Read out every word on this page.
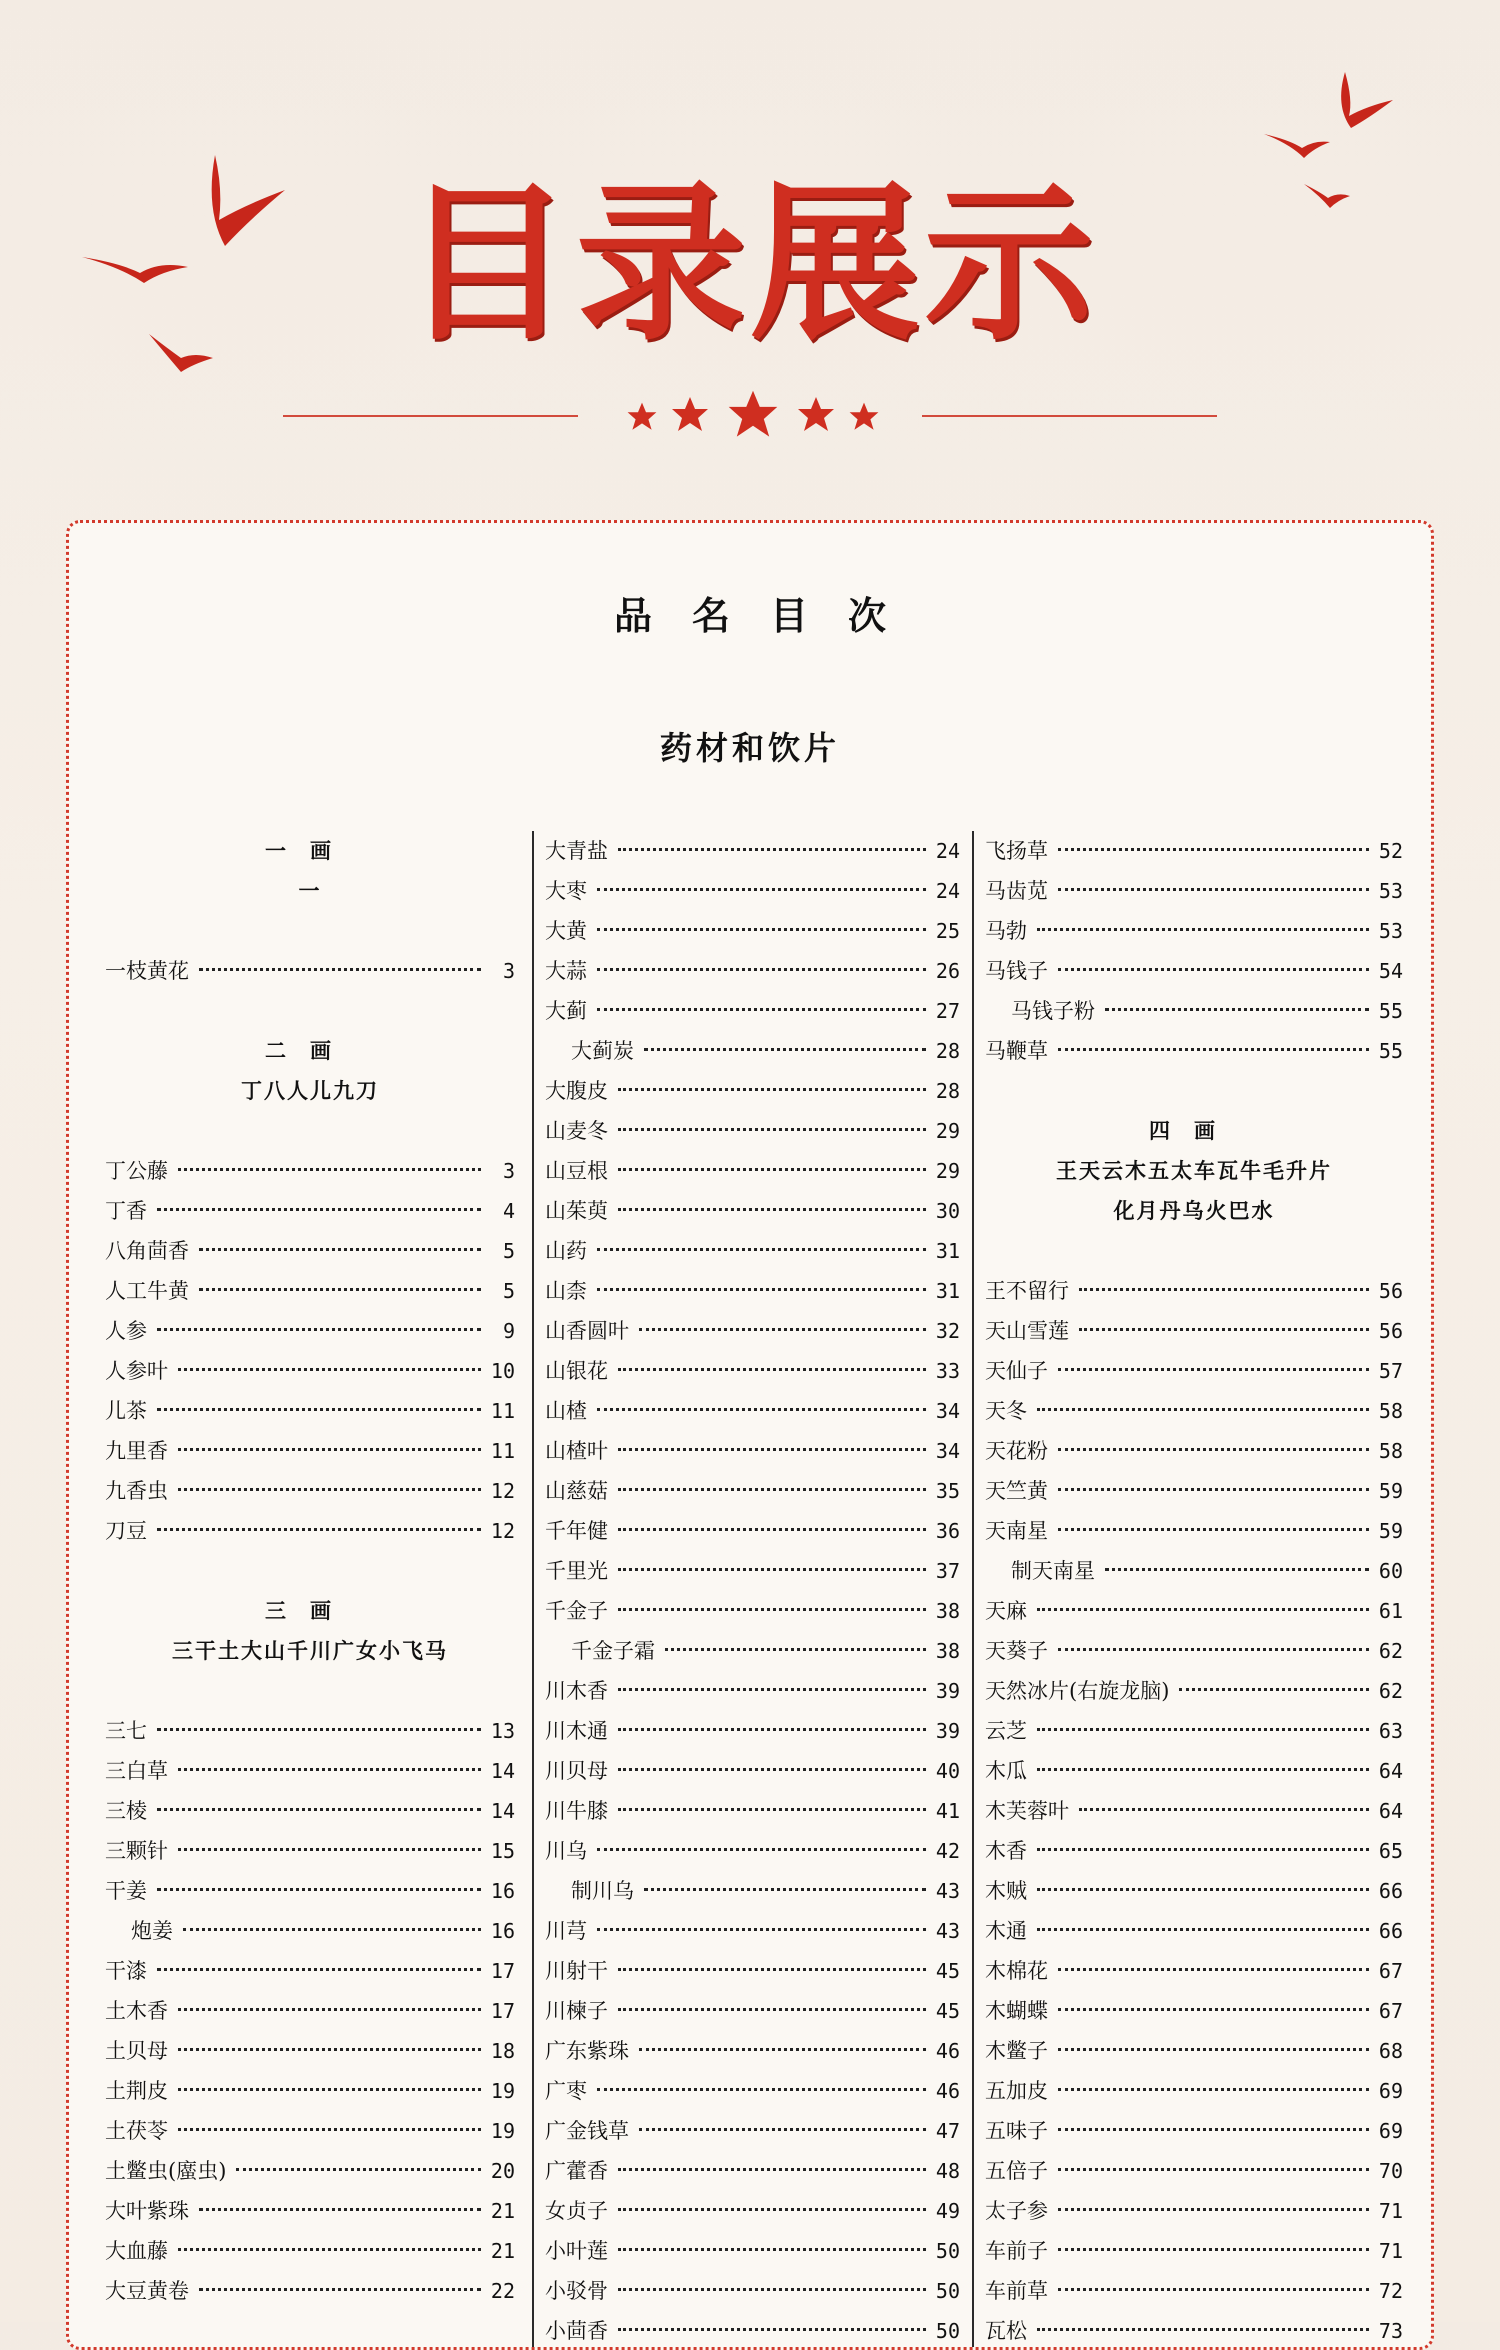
目录展示
品名目次
药材和饮片
一画
一
一枝黄花	3
二画
丁八人儿九刀
丁公藤	3
丁香	4
八角茴香	5
人工牛黄	5
人参	9
人参叶	10
儿茶	11
九里香	11
九香虫	12
刀豆	12
三画
三干土大山千川广女小飞马
三七	13
三白草	14
三棱	14
三颗针	15
干姜	16
炮姜	16
干漆	17
土木香	17
土贝母	18
土荆皮	19
土茯苓	19
土鳖虫(䗪虫)	20
大叶紫珠	21
大血藤	21
大豆黄卷	22
大青盐	24
大枣	24
大黄	25
大蒜	26
大蓟	27
大蓟炭	28
大腹皮	28
山麦冬	29
山豆根	29
山茱萸	30
山药	31
山柰	31
山香圆叶	32
山银花	33
山楂	34
山楂叶	34
山慈菇	35
千年健	36
千里光	37
千金子	38
千金子霜	38
川木香	39
川木通	39
川贝母	40
川牛膝	41
川乌	42
制川乌	43
川芎	43
川射干	45
川楝子	45
广东紫珠	46
广枣	46
广金钱草	47
广藿香	48
女贞子	49
小叶莲	50
小驳骨	50
小茴香	50
飞扬草	52
马齿苋	53
马勃	53
马钱子	54
马钱子粉	55
马鞭草	55
四画
王天云木五太车瓦牛毛升片
化月丹乌火巴水
王不留行	56
天山雪莲	56
天仙子	57
天冬	58
天花粉	58
天竺黄	59
天南星	59
制天南星	60
天麻	61
天葵子	62
天然冰片(右旋龙脑)	62
云芝	63
木瓜	64
木芙蓉叶	64
木香	65
木贼	66
木通	66
木棉花	67
木蝴蝶	67
木鳖子	68
五加皮	69
五味子	69
五倍子	70
太子参	71
车前子	71
车前草	72
瓦松	73
